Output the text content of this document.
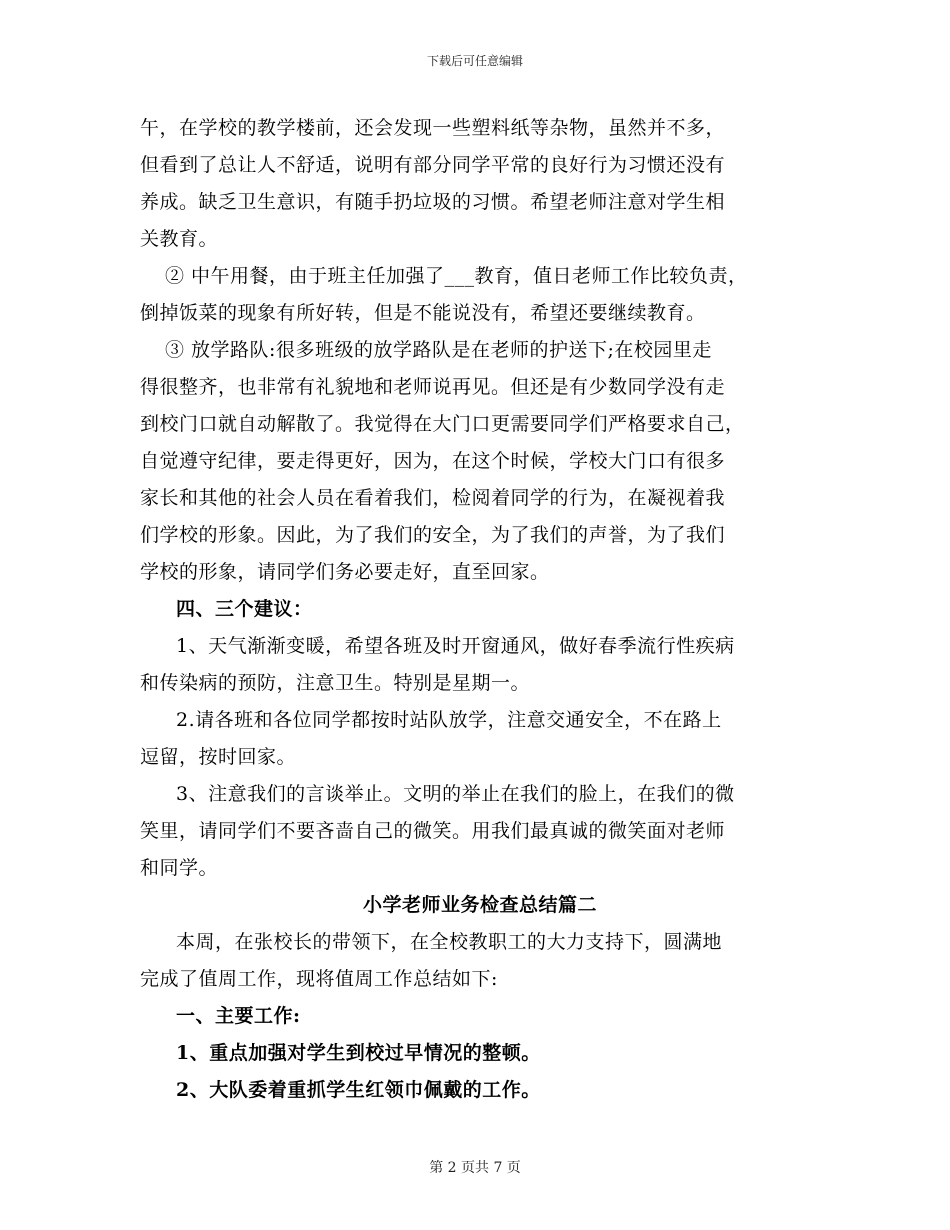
下载后可任意编辑
午，在学校的教学楼前，还会发现一些塑料纸等杂物，虽然并不多，
但看到了总让人不舒适，说明有部分同学平常的良好行为习惯还没有
养成。缺乏卫生意识，有随手扔垃圾的习惯。希望老师注意对学生相
关教育。
② 中午用餐，由于班主任加强了___教育，值日老师工作比较负责，
倒掉饭菜的现象有所好转，但是不能说没有，希望还要继续教育。
③ 放学路队:很多班级的放学路队是在老师的护送下;在校园里走
得很整齐，也非常有礼貌地和老师说再见。但还是有少数同学没有走
到校门口就自动解散了。我觉得在大门口更需要同学们严格要求自己，
自觉遵守纪律，要走得更好，因为，在这个时候，学校大门口有很多
家长和其他的社会人员在看着我们，检阅着同学的行为，在凝视着我
们学校的形象。因此，为了我们的安全，为了我们的声誉，为了我们
学校的形象，请同学们务必要走好，直至回家。
四、三个建议：
1、天气渐渐变暖，希望各班及时开窗通风，做好春季流行性疾病
和传染病的预防，注意卫生。特别是星期一。
2.请各班和各位同学都按时站队放学，注意交通安全，不在路上
逗留，按时回家。
3、注意我们的言谈举止。文明的举止在我们的脸上，在我们的微
笑里，请同学们不要吝啬自己的微笑。用我们最真诚的微笑面对老师
和同学。
小学老师业务检查总结篇二
本周，在张校长的带领下，在全校教职工的大力支持下，圆满地
完成了值周工作，现将值周工作总结如下:
一、主要工作:
1、重点加强对学生到校过早情况的整顿。
2、大队委着重抓学生红领巾佩戴的工作。
第 2 页共 7 页
